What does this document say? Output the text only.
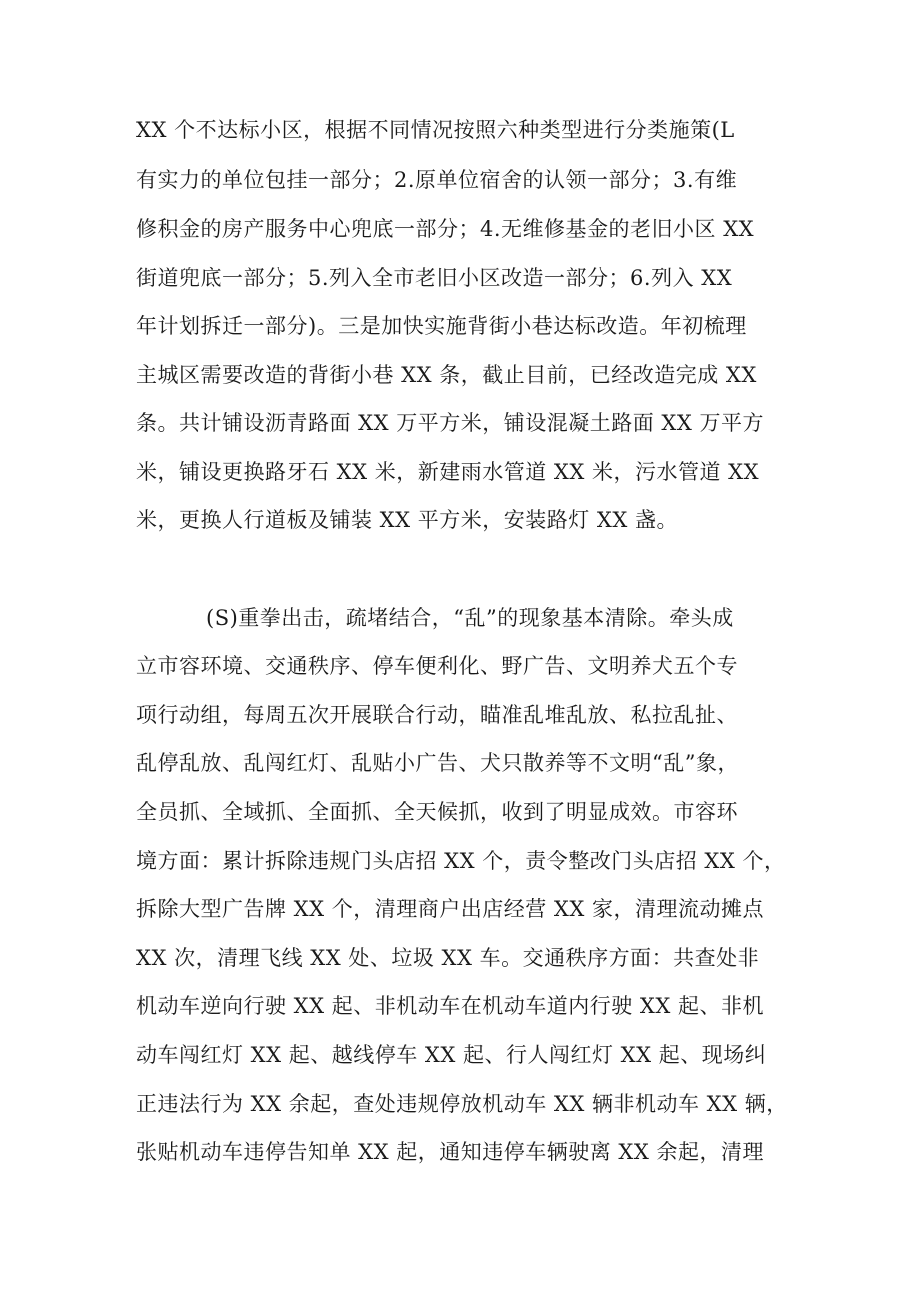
XX 个不达标小区，根据不同情况按照六种类型进行分类施策(L
有实力的单位包挂一部分；2.原单位宿舍的认领一部分；3.有维
修积金的房产服务中心兜底一部分；4.无维修基金的老旧小区 XX
街道兜底一部分；5.列入全市老旧小区改造一部分；6.列入 XX
年计划拆迁一部分)。三是加快实施背街小巷达标改造。年初梳理
主城区需要改造的背街小巷 XX 条，截止目前，已经改造完成 XX
条。共计铺设沥青路面 XX 万平方米，铺设混凝土路面 XX 万平方
米，铺设更换路牙石 XX 米，新建雨水管道 XX 米，污水管道 XX
米，更换人行道板及铺装 XX 平方米，安装路灯 XX 盏。
(S)重拳出击，疏堵结合，“乱”的现象基本清除。牵头成
立市容环境、交通秩序、停车便利化、野广告、文明养犬五个专
项行动组，每周五次开展联合行动，瞄准乱堆乱放、私拉乱扯、
乱停乱放、乱闯红灯、乱贴小广告、犬只散养等不文明“乱”象，
全员抓、全域抓、全面抓、全天候抓，收到了明显成效。市容环
境方面：累计拆除违规门头店招 XX 个，责令整改门头店招 XX 个，
拆除大型广告牌 XX 个，清理商户出店经营 XX 家，清理流动摊点
XX 次，清理飞线 XX 处、垃圾 XX 车。交通秩序方面：共查处非
机动车逆向行驶 XX 起、非机动车在机动车道内行驶 XX 起、非机
动车闯红灯 XX 起、越线停车 XX 起、行人闯红灯 XX 起、现场纠
正违法行为 XX 余起，查处违规停放机动车 XX 辆非机动车 XX 辆，
张贴机动车违停告知单 XX 起，通知违停车辆驶离 XX 余起，清理
